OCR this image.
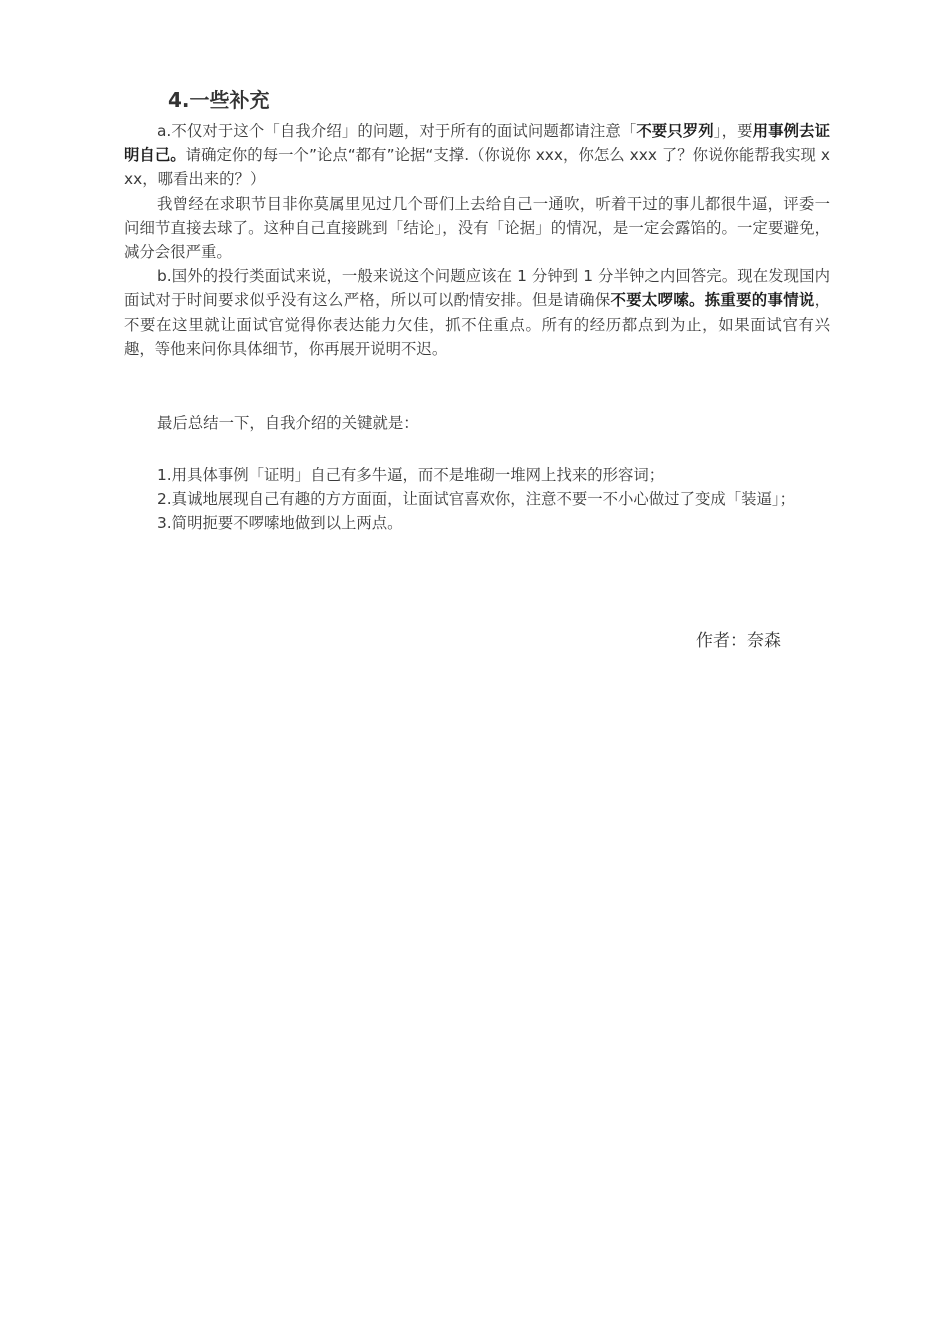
4.一些补充

a.不仅对于这个「自我介绍」的问题，对于所有的面试问题都请注意「不要只罗列」，要用事例去证明自己。请确定你的每一个”论点“都有”论据“支撑.（你说你 xxx，你怎么 xxx 了？你说你能帮我实现 xxx，哪看出来的？）

我曾经在求职节目非你莫属里见过几个哥们上去给自己一通吹，听着干过的事儿都很牛逼，评委一问细节直接去球了。这种自己直接跳到「结论」，没有「论据」的情况，是一定会露馅的。一定要避免，减分会很严重。

b.国外的投行类面试来说，一般来说这个问题应该在 1 分钟到 1 分半钟之内回答完。现在发现国内面试对于时间要求似乎没有这么严格，所以可以酌情安排。但是请确保不要太啰嗦。拣重要的事情说，不要在这里就让面试官觉得你表达能力欠佳，抓不住重点。所有的经历都点到为止，如果面试官有兴趣，等他来问你具体细节，你再展开说明不迟。

最后总结一下，自我介绍的关键就是：

1.用具体事例「证明」自己有多牛逼，而不是堆砌一堆网上找来的形容词；

2.真诚地展现自己有趣的方方面面，让面试官喜欢你，注意不要一不小心做过了变成「装逼」；

3.简明扼要不啰嗦地做到以上两点。

作者：奈森
